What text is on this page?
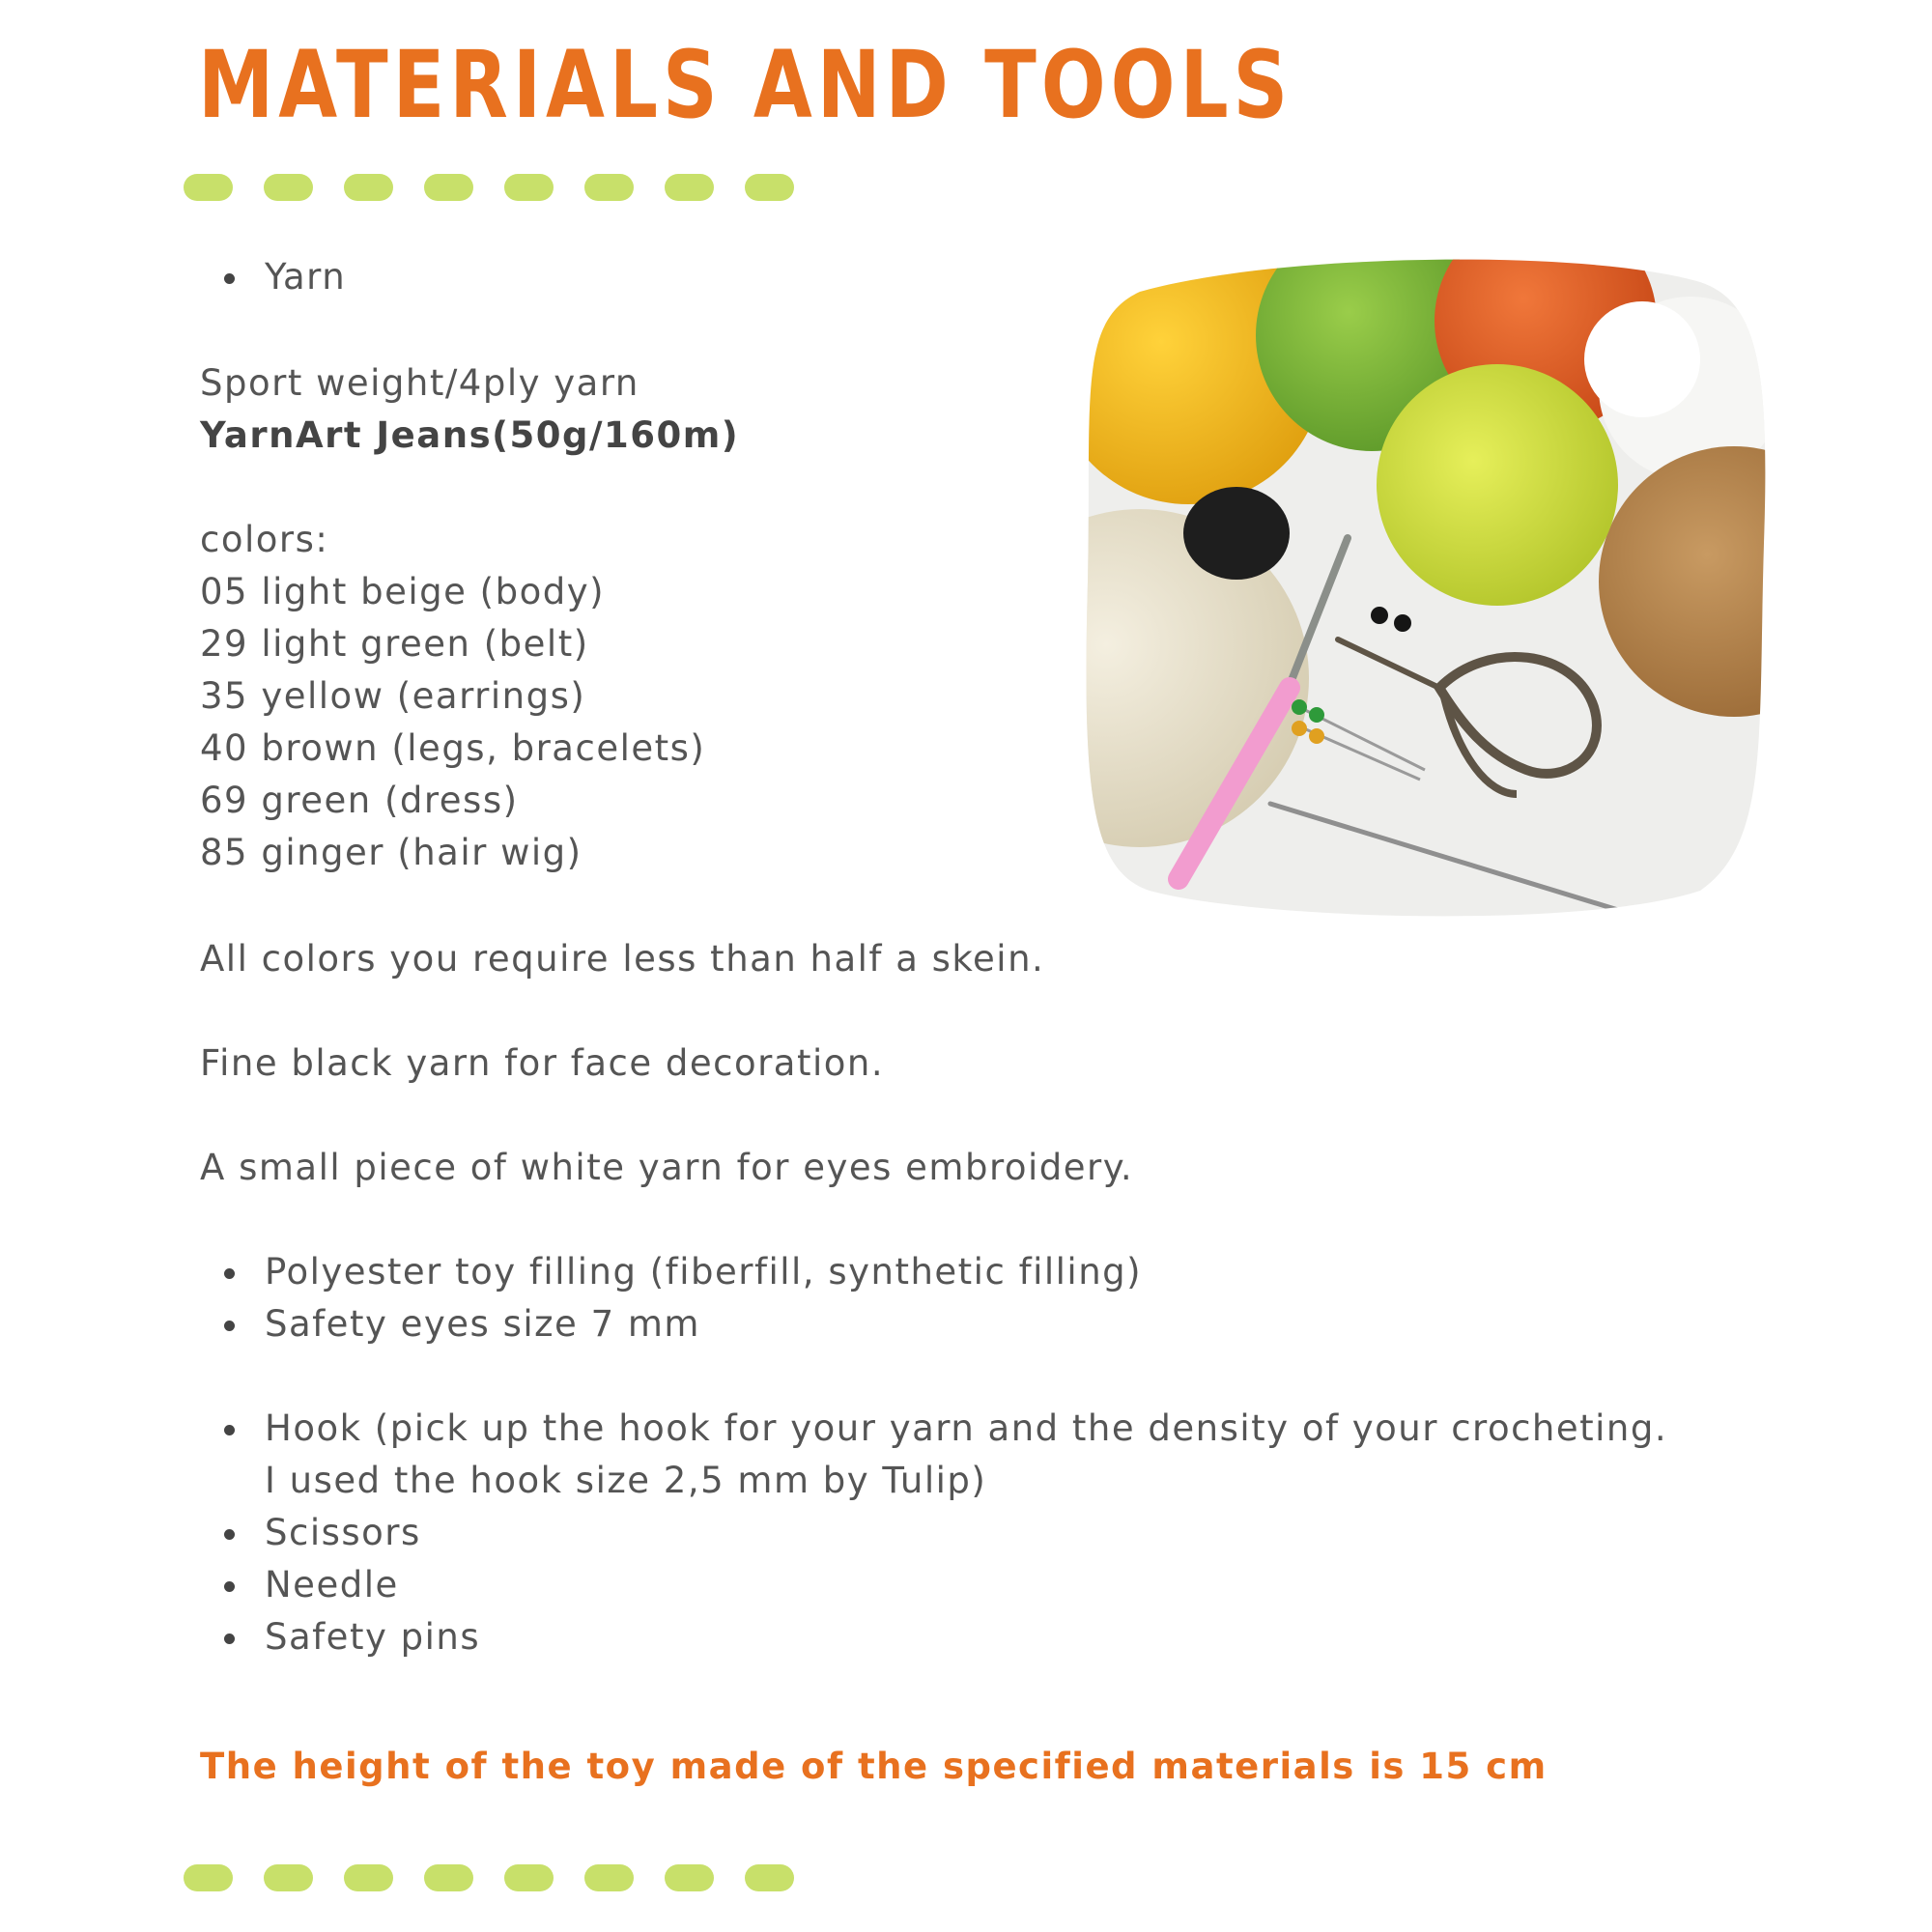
MATERIALS AND TOOLS
Yarn
Sport weight/4ply yarn
YarnArt Jeans(50g/160m)
colors:
05 light beige (body)
29 light green (belt)
35 yellow (earrings)
40 brown (legs, bracelets)
69 green (dress)
85 ginger (hair wig)
All colors you require less than half a skein.
Fine black yarn for face decoration.
A small piece of white yarn for eyes embroidery.
Polyester toy filling (fiberfill, synthetic filling)
Safety eyes size 7 mm
Hook (pick up the hook for your yarn and the density of your crocheting.
I used the hook size 2,5 mm by Tulip)
Scissors
Needle
Safety pins
The height of the toy made of the specified materials is 15 cm
